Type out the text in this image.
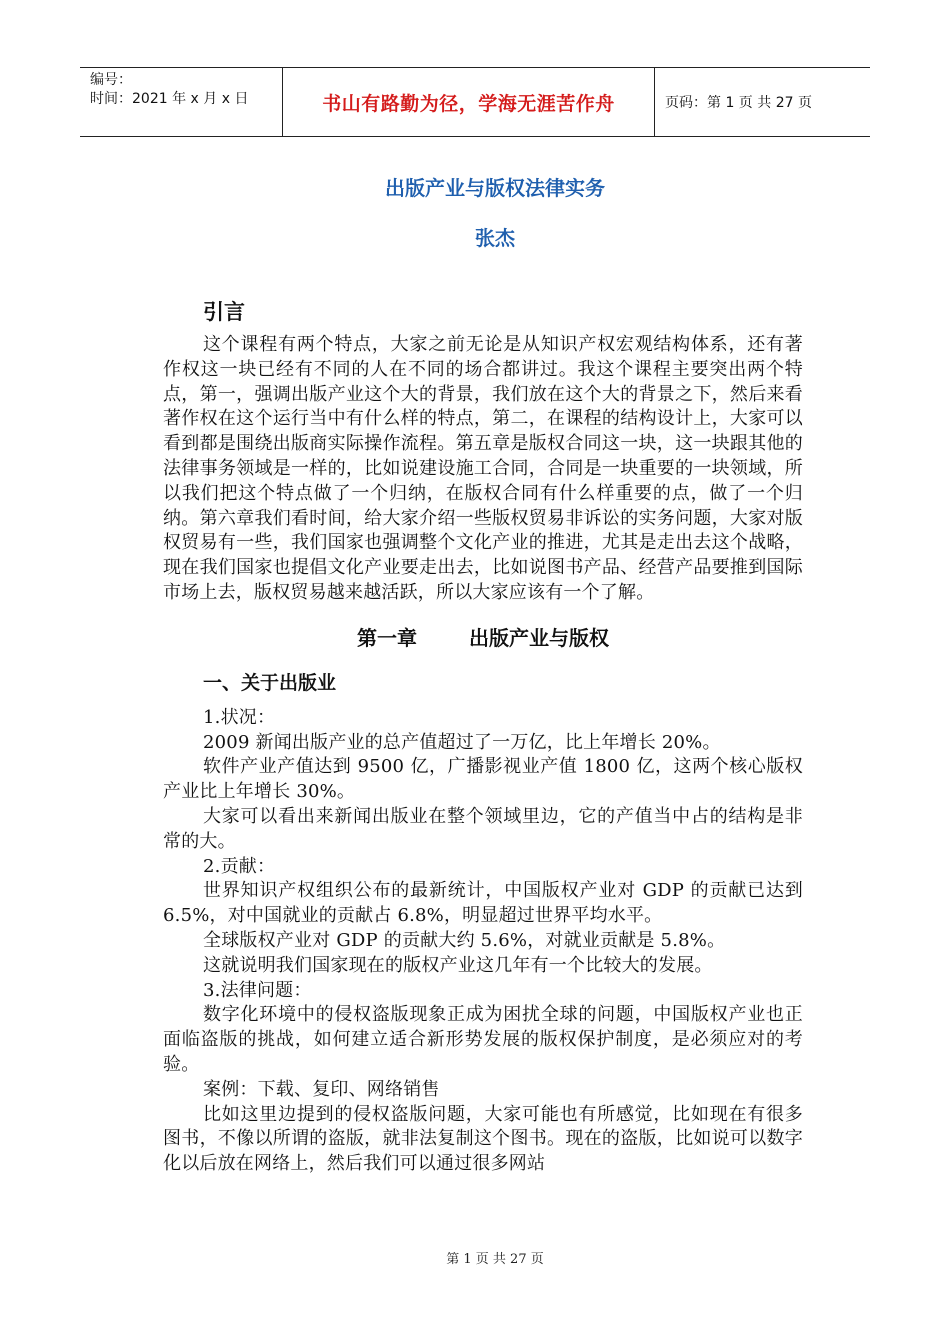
编号：
时间：2021 年 x 月 x 日	书山有路勤为径，学海无涯苦作舟	页码：第 1 页 共 27 页
出版产业与版权法律实务
张杰
引言

这个课程有两个特点，大家之前无论是从知识产权宏观结构体系，还有著作权这一块已经有不同的人在不同的场合都讲过。我这个课程主要突出两个特点，第一，强调出版产业这个大的背景，我们放在这个大的背景之下，然后来看著作权在这个运行当中有什么样的特点，第二，在课程的结构设计上，大家可以看到都是围绕出版商实际操作流程。第五章是版权合同这一块，这一块跟其他的法律事务领域是一样的，比如说建设施工合同，合同是一块重要的一块领域，所以我们把这个特点做了一个归纳，在版权合同有什么样重要的点，做了一个归纳。第六章我们看时间，给大家介绍一些版权贸易非诉讼的实务问题，大家对版权贸易有一些，我们国家也强调整个文化产业的推进，尤其是走出去这个战略，现在我们国家也提倡文化产业要走出去，比如说图书产品、经营产品要推到国际市场上去，版权贸易越来越活跃，所以大家应该有一个了解。

第一章	出版产业与版权
一、关于出版业

1.状况：

2009 新闻出版产业的总产值超过了一万亿，比上年增长 20%。

软件产业产值达到 9500 亿，广播影视业产值 1800 亿，这两个核心版权产业比上年增长 30%。

大家可以看出来新闻出版业在整个领域里边，它的产值当中占的结构是非常的大。

2.贡献：

世界知识产权组织公布的最新统计，中国版权产业对 GDP 的贡献已达到 6.5%，对中国就业的贡献占 6.8%，明显超过世界平均水平。

全球版权产业对 GDP 的贡献大约 5.6%，对就业贡献是 5.8%。

这就说明我们国家现在的版权产业这几年有一个比较大的发展。

3.法律问题：

数字化环境中的侵权盗版现象正成为困扰全球的问题，中国版权产业也正面临盗版的挑战，如何建立适合新形势发展的版权保护制度，是必须应对的考验。

案例：下载、复印、网络销售

比如这里边提到的侵权盗版问题，大家可能也有所感觉，比如现在有很多图书，不像以所谓的盗版，就非法复制这个图书。现在的盗版，比如说可以数字化以后放在网络上，然后我们可以通过很多网站

第 1 页 共 27 页
